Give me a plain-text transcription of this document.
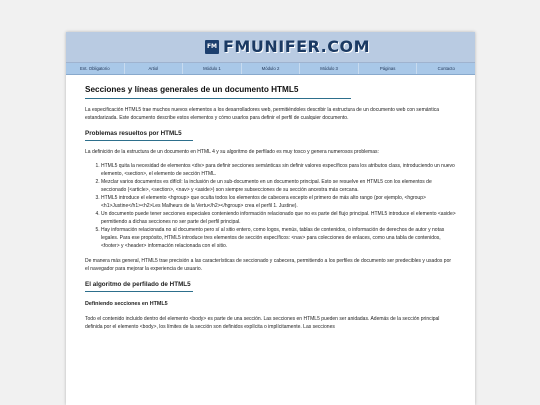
FM FMUNIFER.COM
Ent. Obligatorio	Artiol	Módulo 1	Módulo 2	Módulo 3	Páginas	Contacto
Secciones y líneas generales de un documento HTML5

La especificación HTML5 trae muchos nuevos elementos a los desarrolladores web, permitiéndoles describir la estructura de un documento web con semántica estandarizada. Este documento describe estos elementos y cómo usarlos para definir el perfil de cualquier documento.

Problemas resueltos por HTML5

La definición de la estructura de un documento en HTML 4 y su algoritmo de perfilado es muy tosco y genera numerosos problemas:

1. HTML5 quita la necesidad de elementos <div> para definir secciones semánticas sin definir valores específicos para los atributos class, introduciendo un nuevo elemento, <section>, el elemento de sección HTML.
2. Mezclar varios documentos es difícil: la inclusión de un sub-documento en un documento principal. Esto se resuelve en HTML5 con los elementos de seccionado (<article>, <section>, <nav> y <aside>) son siempre subsecciones de su sección ancestra más cercana.
3. HTML5 introduce el elemento <hgroup> que oculta todos los elementos de cabecera excepto el primero de más alto rango (por ejemplo, <hgroup><h1>Justine</h1><h2>Les Malheurs de la Vertu</h2></hgroup> crea el perfil 1. Justine).
4. Un documento puede tener secciones especiales conteniendo información relacionado que no es parte del flujo principal. HTML5 introduce el elemento <aside> permitiendo a dichas secciones no ser parte del perfil principal.
5. Hay información relacionada no al documento pero sí al sitio entero, como logos, menús, tablas de contenidos, o información de derechos de autor y notas legales. Para ese propósito, HTML5 introduce tres elementos de sección específicos: <nav> para colecciones de enlaces, como una tabla de contenidos, <footer> y <header> información relacionada con el sitio.

De manera más general, HTML5 trae precisión a las características de seccionado y cabecera, permitiendo a los perfiles de documento ser predecibles y usados por el navegador para mejorar la experiencia de usuario.

El algoritmo de perfilado de HTML5
Definiendo secciones en HTML5

Todo el contenido incluido dentro del elemento <body> es parte de una sección. Las secciones en HTML5 pueden ser anidadas. Además de la sección principal definida por el elemento <body>, los límites de la sección son definidos explícita o implícitamente. Las secciones
